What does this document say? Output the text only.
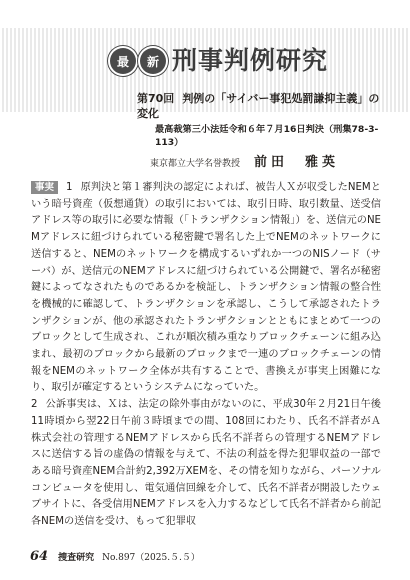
最	新 刑事判例研究
第70回 判例の「サイバー事犯処罰謙抑主義」の変化
最高裁第三小法廷令和６年７月16日判決（刑集78-3-113）
東京都立大学名誉教授 前田　雅英

事実 1 原判決と第１審判決の認定によれば、被告人Ｘが収受したNEMという暗号資産（仮想通貨）の取引においては、取引日時、取引数量、送受信アドレス等の取引に必要な情報（「トランザクション情報」）を、送信元のNEMアドレスに紐づけられている秘密鍵で署名した上でNEMのネットワークに送信すると、NEMのネットワークを構成するいずれか一つのNISノード（サーバ）が、送信元のNEMアドレスに紐づけられている公開鍵で、署名が秘密鍵によってなされたものであるかを検証し、トランザクション情報の整合性を機械的に確認して、トランザクションを承認し、こうして承認されたトランザクションが、他の承認されたトランザクションとともにまとめて一つのブロックとして生成され、これが順次積み重なりブロックチェーンに組み込まれ、最初のブロックから最新のブロックまで一連のブロックチェーンの情報をNEMのネットワーク全体が共有することで、書換えが事実上困難になり、取引が確定するというシステムになっていた。

2 公訴事実は、Ｘは、法定の除外事由がないのに、平成30年２月21日午後11時頃から翌22日午前３時頃までの間、108回にわたり、氏名不詳者がＡ株式会社の管理するNEMアドレスから氏名不詳者らの管理するNEMアドレスに送信する旨の虚偽の情報を与えて、不法の利益を得た犯罪収益の一部である暗号資産NEM合計約2,392万XEMを、その情を知りながら、パーソナルコンピュータを使用し、電気通信回線を介して、氏名不詳者が開設したウェブサイトに、各受信用NEMアドレスを入力するなどして氏名不詳者から前記各NEMの送信を受け、もって犯罪収

64 捜査研究 No.897（2025.５.５）
